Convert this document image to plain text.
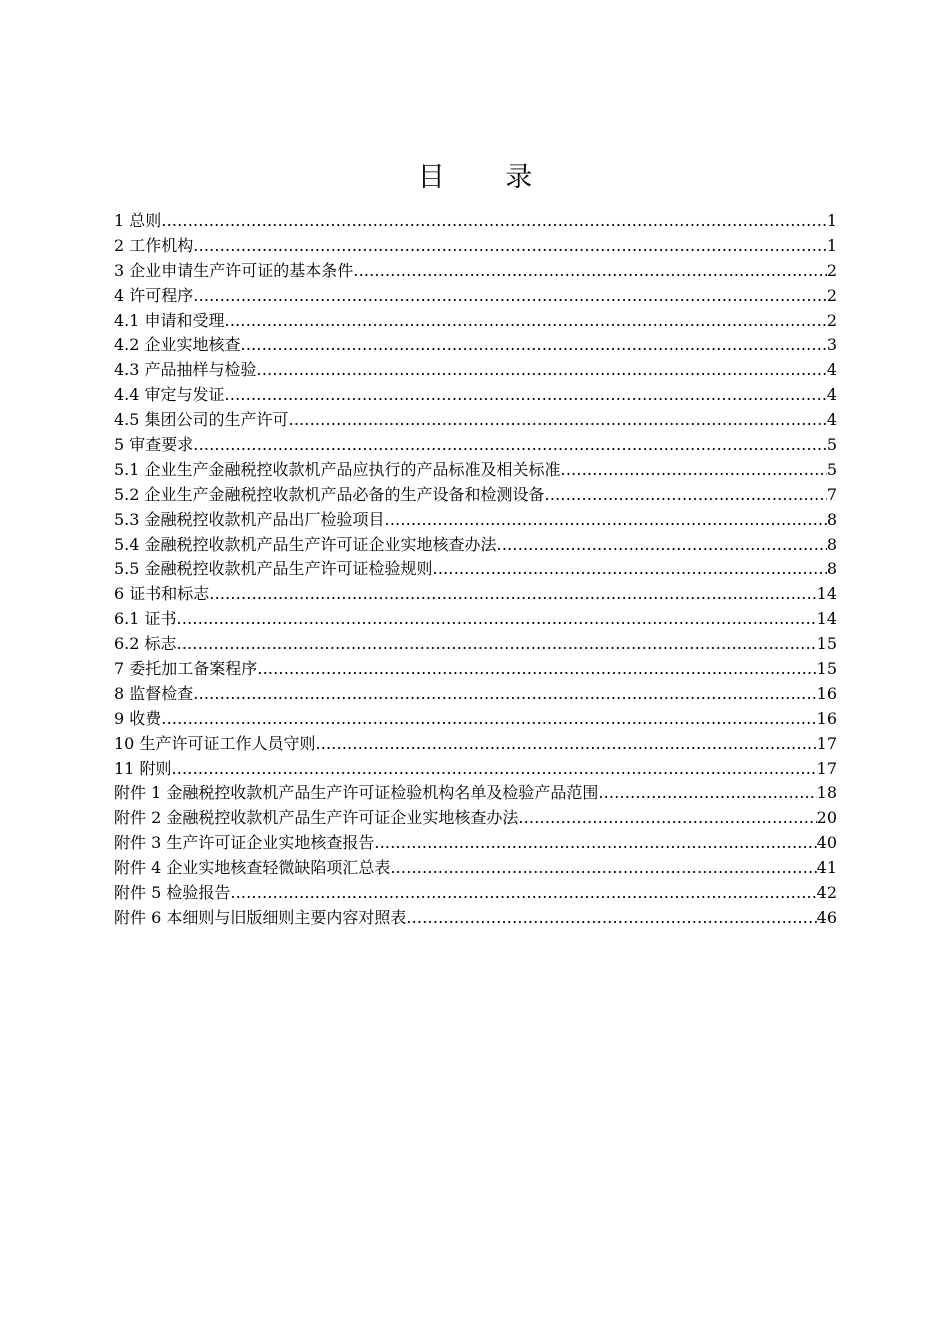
目 录
1 总则 .....	1
2 工作机构 .....	1
3 企业申请生产许可证的基本条件 .....	2
4 许可程序 .....	2
4.1 申请和受理 .....	2
4.2 企业实地核查 .....	3
4.3 产品抽样与检验 .....	4
4.4 审定与发证 .....	4
4.5 集团公司的生产许可 .....	4
5 审查要求 .....	5
5.1 企业生产金融税控收款机产品应执行的产品标准及相关标准 .....	5
5.2 企业生产金融税控收款机产品必备的生产设备和检测设备 .....	7
5.3 金融税控收款机产品出厂检验项目 .....	8
5.4 金融税控收款机产品生产许可证企业实地核查办法 .....	8
5.5 金融税控收款机产品生产许可证检验规则 .....	8
6 证书和标志 .....	14
6.1 证书 .....	14
6.2 标志 .....	15
7 委托加工备案程序 .....	15
8 监督检查 .....	16
9 收费 .....	16
10 生产许可证工作人员守则 .....	17
11 附则 .....	17
附件 1 金融税控收款机产品生产许可证检验机构名单及检验产品范围 .....	18
附件 2 金融税控收款机产品生产许可证企业实地核查办法 .....	20
附件 3 生产许可证企业实地核查报告 .....	40
附件 4 企业实地核查轻微缺陷项汇总表 .....	41
附件 5 检验报告 .....	42
附件 6 本细则与旧版细则主要内容对照表 .....	46
